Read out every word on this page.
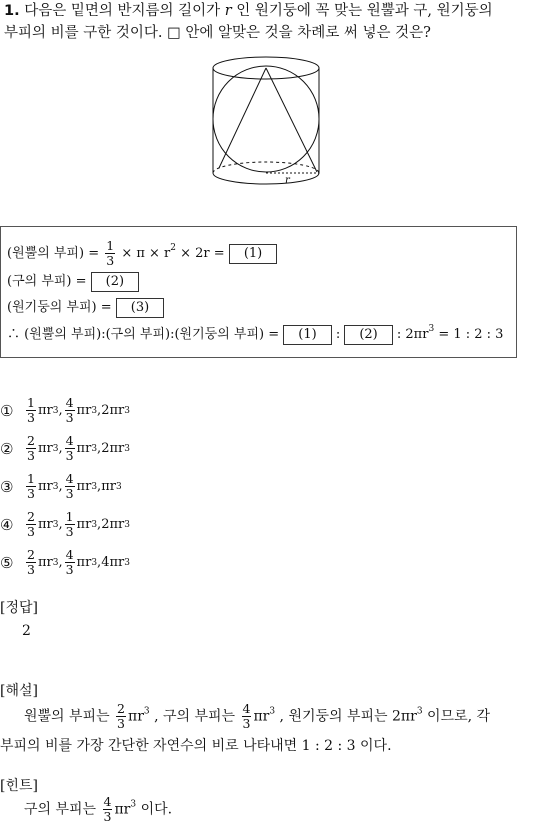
1. 다음은 밑면의 반지름의 길이가 r 인 원기둥에 꼭 맞는 원뿔과 구, 원기둥의
부피의 비를 구한 것이다. □ 안에 알맞은 것을 차례로 써 넣은 것은?
r
(원뿔의 부피) = $\frac{1}{3} \times \pi \times r^2 \times 2r = (1)$
(구의 부피) = (2)
(원기둥의 부피) = (3)
∴ (원뿔의 부피):(구의 부피):(원기둥의 부피) = (1) : (2) : $2\pi r^3 = 1$ : 2 : 3
①	$\frac{1}{3}$ πr 3 , $\frac{4}{3}$ πr 3 , 2πr 3
②	$\frac{2}{3}$ πr 3 , $\frac{4}{3}$ πr 3 , 2πr 3
③	$\frac{1}{3}$ πr 3 , $\frac{4}{3}$ πr 3 , πr 3
④	$\frac{2}{3}$ πr 3 , $\frac{1}{3}$ πr 3 , 2πr 3
⑤	$\frac{2}{3}$ πr 3 , $\frac{4}{3}$ πr 3 , 4πr 3
[정답]
2
[해설]
원뿔의 부피는 $\frac{2}{3} \pi r^3$ , 구의 부피는 $\frac{4}{3} \pi r^3$ , 원기둥의 부피는 $2\pi r^3$ 이므로, 각
부피의 비를 가장 간단한 자연수의 비로 나타내면 1 : 2 : 3 이다.
[힌트]
구의 부피는 $\frac{4}{3} \pi r^3$ 이다.
